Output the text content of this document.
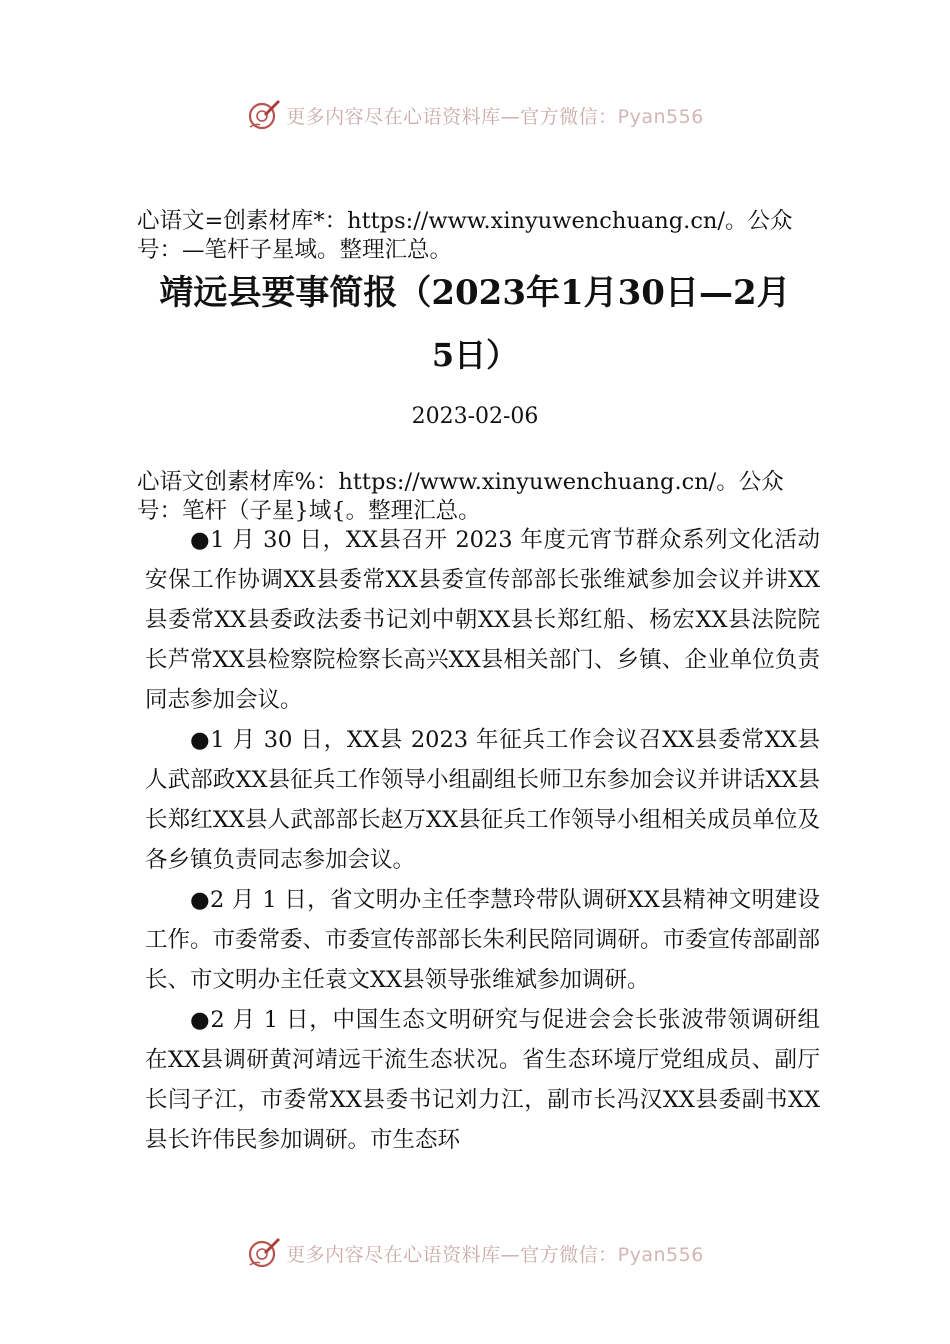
更多内容尽在心语资料库—官方微信：Pyan556

心语文=创素材库*：https://www.xinyuwenchuang.cn/。公众号：—笔杆子星域。整理汇总。

靖远县要事简报（2023年1月30日—2月
5日）

2023-02-06

心语文创素材库%：https://www.xinyuwenchuang.cn/。公众号：笔杆（子星}域{。整理汇总。

●1 月 30 日，XX县召开 2023 年度元宵节群众系列文化活动安保工作协调XX县委常XX县委宣传部部长张维斌参加会议并讲XX县委常XX县委政法委书记刘中朝XX县长郑红船、杨宏XX县法院院长芦常XX县检察院检察长高兴XX县相关部门、乡镇、企业单位负责同志参加会议。

●1 月 30 日，XX县 2023 年征兵工作会议召XX县委常XX县人武部政XX县征兵工作领导小组副组长师卫东参加会议并讲话XX县长郑红XX县人武部部长赵万XX县征兵工作领导小组相关成员单位及各乡镇负责同志参加会议。

●2 月 1 日，省文明办主任李慧玲带队调研XX县精神文明建设工作。市委常委、市委宣传部部长朱利民陪同调研。市委宣传部副部长、市文明办主任袁文XX县领导张维斌参加调研。

●2 月 1 日，中国生态文明研究与促进会会长张波带领调研组在XX县调研黄河靖远干流生态状况。省生态环境厅党组成员、副厅长闫子江，市委常XX县委书记刘力江，副市长冯汉XX县委副书XX县长许伟民参加调研。市生态环

更多内容尽在心语资料库—官方微信：Pyan556
